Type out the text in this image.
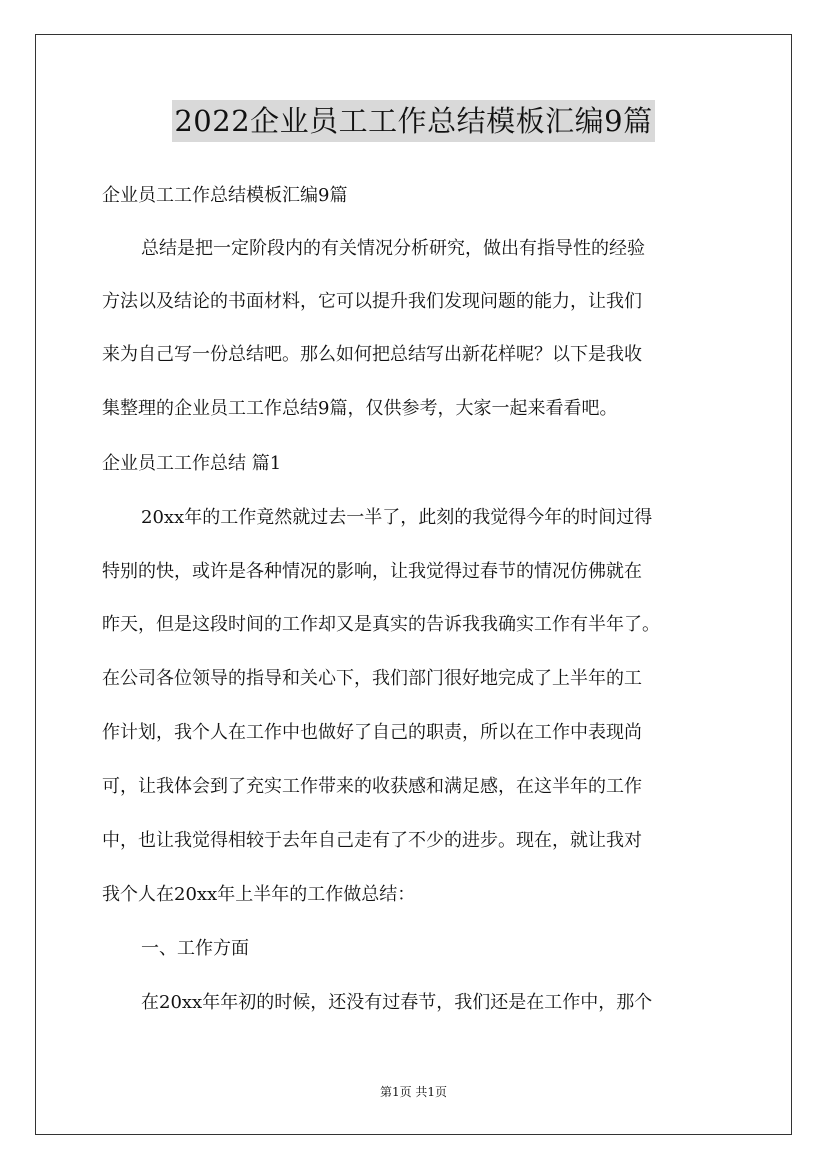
2022企业员工工作总结模板汇编9篇
企业员工工作总结模板汇编9篇
总结是把一定阶段内的有关情况分析研究，做出有指导性的经验
方法以及结论的书面材料，它可以提升我们发现问题的能力，让我们
来为自己写一份总结吧。那么如何把总结写出新花样呢？以下是我收
集整理的企业员工工作总结9篇，仅供参考，大家一起来看看吧。
企业员工工作总结 篇1
20xx年的工作竟然就过去一半了，此刻的我觉得今年的时间过得
特别的快，或许是各种情况的影响，让我觉得过春节的情况仿佛就在
昨天，但是这段时间的工作却又是真实的告诉我我确实工作有半年了。
在公司各位领导的指导和关心下，我们部门很好地完成了上半年的工
作计划，我个人在工作中也做好了自己的职责，所以在工作中表现尚
可，让我体会到了充实工作带来的收获感和满足感，在这半年的工作
中，也让我觉得相较于去年自己走有了不少的进步。现在，就让我对
我个人在20xx年上半年的工作做总结：
一、工作方面
在20xx年年初的时候，还没有过春节，我们还是在工作中，那个
第1页 共1页
